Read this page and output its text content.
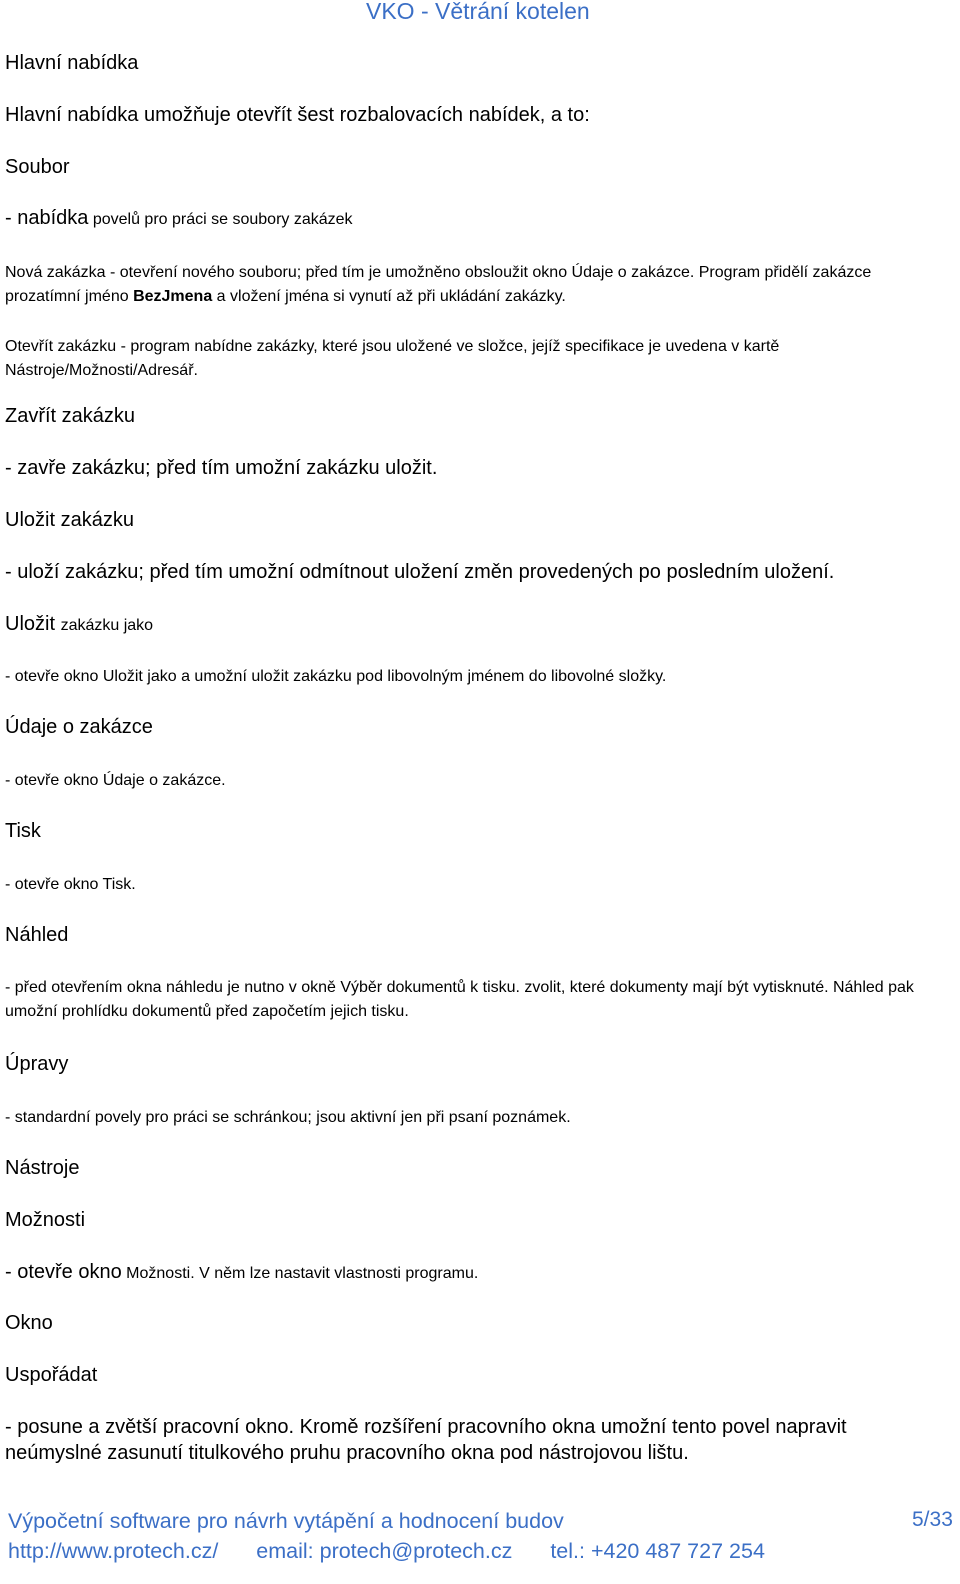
VKO - Větrání kotelen

Hlavní nabídka

Hlavní nabídka umožňuje otevřít šest rozbalovacích nabídek, a to:

Soubor

- nabídka povelů pro práci se soubory zakázek

Nová zakázka - otevření nového souboru; před tím je umožněno obsloužit okno Údaje o zakázce. Program přidělí zakázce prozatímní jméno BezJmena a vložení jména si vynutí až při ukládání zakázky.

Otevřít zakázku - program nabídne zakázky, které jsou uložené ve složce, jejíž specifikace je uvedena v kartě Nástroje/Možnosti/Adresář.

Zavřít zakázku

- zavře zakázku; před tím umožní zakázku uložit.

Uložit zakázku

- uloží zakázku; před tím umožní odmítnout uložení změn provedených po posledním uložení.

Uložit zakázku jako

- otevře okno Uložit jako a umožní uložit zakázku pod libovolným jménem do libovolné složky.

Údaje o zakázce

- otevře okno Údaje o zakázce.

Tisk

- otevře okno Tisk.

Náhled

- před otevřením okna náhledu je nutno v okně Výběr dokumentů k tisku. zvolit, které dokumenty mají být vytisknuté. Náhled pak umožní prohlídku dokumentů před započetím jejich tisku.

Úpravy

- standardní povely pro práci se schránkou; jsou aktivní jen při psaní poznámek.

Nástroje

Možnosti

- otevře okno Možnosti. V něm lze nastavit vlastnosti programu.

Okno

Uspořádat

- posune a zvětší pracovní okno. Kromě rozšíření pracovního okna umožní tento povel napravit neúmyslné zasunutí titulkového pruhu pracovního okna pod nástrojovou lištu.

Výpočetní software pro návrh vytápění a hodnocení budov	5/33
http://www.protech.cz/ email: protech@protech.cz tel.: +420 487 727 254
